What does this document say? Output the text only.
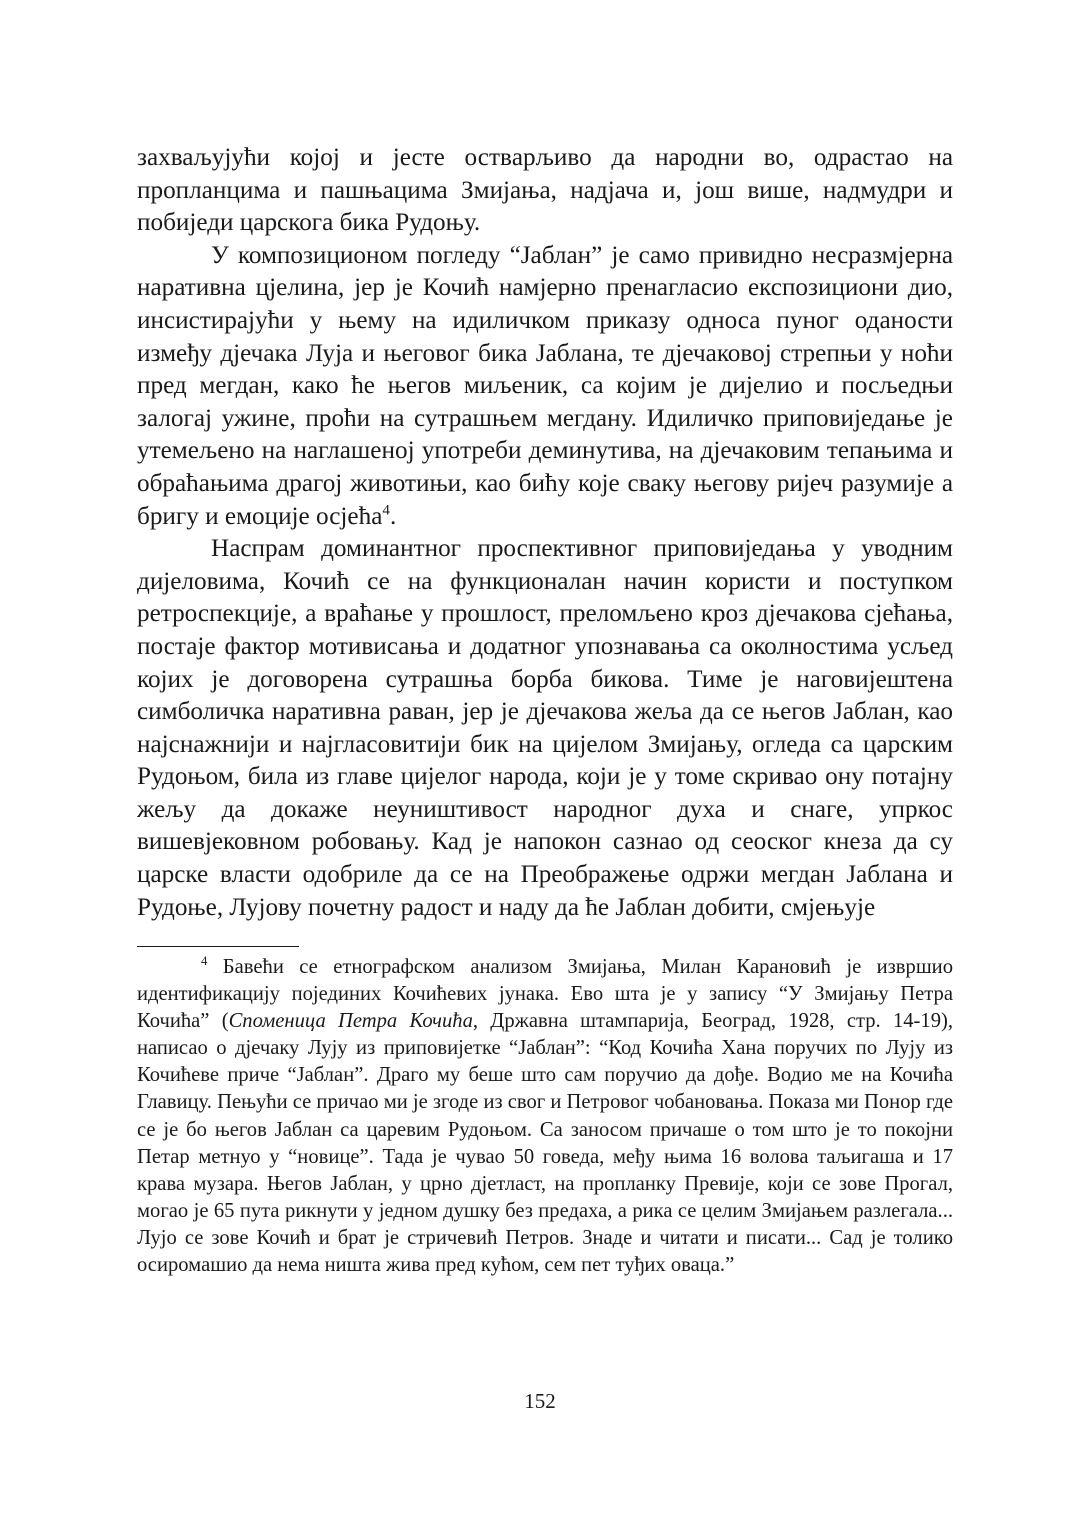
захваљујући којој и јесте оствaрљиво да народни во, одрастао на пропланцима и пашњацима Змијања, надјача и, још више, надмудри и побиједи царскога бика Рудоњу.

У композиционом погледу “Јаблан” је само привидно несразмјерна наративна цјелина, јер је Кочић намјерно пренагласио експозициони дио, инсистирајући у њему на идиличком приказу односа пуног оданости између дјечака Луја и његовог бика Јаблана, те дјечаковој стрепњи у ноћи пред мегдан, како ће његов миљеник, са којим је дијелио и посљедњи залогај ужине, проћи на сутрашњем мегдану. Идиличко приповиједање је утемељено на наглашеној употреби деминутива, на дјечаковим тепањима и обраћањима драгој животињи, као бићу које сваку његову ријеч разумије а бригу и емоције осјећа$^4$.

Наспрам доминантног проспективног приповиједања у уводним дијеловима, Кочић се на функционалан начин користи и поступком ретроспекције, а враћање у прошлост, преломљено кроз дјечакова сјећања, постаје фактор мотивисања и додатног упознавања са околностима усљед којих је договорена сутрашња борба бикова. Тиме је наговијештена симболичка наративна раван, јер је дјечакова жеља да се његов Јаблан, као најснажнији и најгласовитији бик на цијелом Змијању, огледа са царским Рудоњом, била из главе цијелог народа, који је у томе скривао ону потајну жељу да докаже неуништивост народног духа и снаге, упркос вишевјековном робовању. Кад је напокон сазнао од сеоског кнеза да су царске власти одобриле да се на Преображење одржи мегдан Јаблана и Рудоње, Лујову почетну радост и наду да ће Јаблан добити, смјењује

$^4$ Бавећи се етнографском анализом Змијања, Милан Карановић је извршио идентификацију појединих Кочићевих јунака. Ево шта је у запису “У Змијању Петра Кочића” (Споменица Петра Кочића, Државна штампарија, Београд, 1928, стр. 14-19), написао о дјечаку Лују из приповијетке “Јаблан”: “Код Кочића Хана поручих по Лују из Кочићеве приче “Јаблан”. Драго му беше што сам поручио да дође. Водио ме на Кочића Главицу. Пењући се причао ми је згоде из свог и Петровог чобановања. Показа ми Понор где се је бо његов Јаблан са царевим Рудоњом. Са заносом причаше о том што је то покојни Петар метнуо у “новице”. Тада је чувао 50 говеда, међу њима 16 волова таљигаша и 17 крава музара. Његов Јаблан, у црно дјетласт, на пропланку Превије, који се зове Прогал, могао је 65 пута рикнути у једном душку без предаха, а рика се целим Змијањем разлегала... Лујо се зове Кочић и брат је стричевић Петров. Знаде и читати и писати... Сад је толико осиромашио да нема ништа жива пред кућом, сем пет туђих оваца.”

152
